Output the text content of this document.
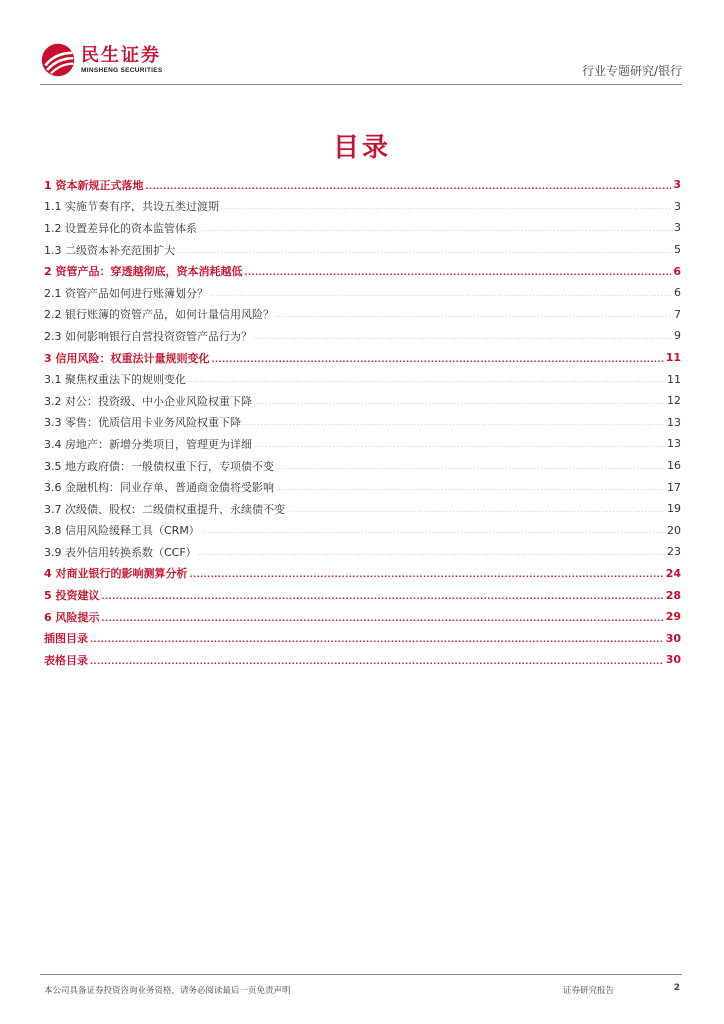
民生证券
MINSHENG SECURITIES	行业专题研究/银行
目录
1 资本新规正式落地 .....	3
1.1 实施节奏有序，共设五类过渡期 .....	3
1.2 设置差异化的资本监管体系 .....	3
1.3 二级资本补充范围扩大 .....	5
2 资管产品：穿透越彻底，资本消耗越低 .....	6
2.1 资管产品如何进行账簿划分？ .....	6
2.2 银行账簿的资管产品，如何计量信用风险？ .....	7
2.3 如何影响银行自营投资资管产品行为？ .....	9
3 信用风险：权重法计量规则变化 .....	11
3.1 聚焦权重法下的规则变化 .....	11
3.2 对公：投资级、中小企业风险权重下降 .....	12
3.3 零售：优质信用卡业务风险权重下降 .....	13
3.4 房地产：新增分类项目，管理更为详细 .....	13
3.5 地方政府债：一般债权重下行，专项债不变 .....	16
3.6 金融机构：同业存单、普通商金债将受影响 .....	17
3.7 次级债、股权：二级债权重提升、永续债不变 .....	19
3.8 信用风险缓释工具（CRM） .....	20
3.9 表外信用转换系数（CCF） .....	23
4 对商业银行的影响测算分析 .....	24
5 投资建议 .....	28
6 风险提示 .....	29
插图目录 .....	30
表格目录 .....	30
本公司具备证券投资咨询业务资格，请务必阅读最后一页免责声明	证券研究报告	2
